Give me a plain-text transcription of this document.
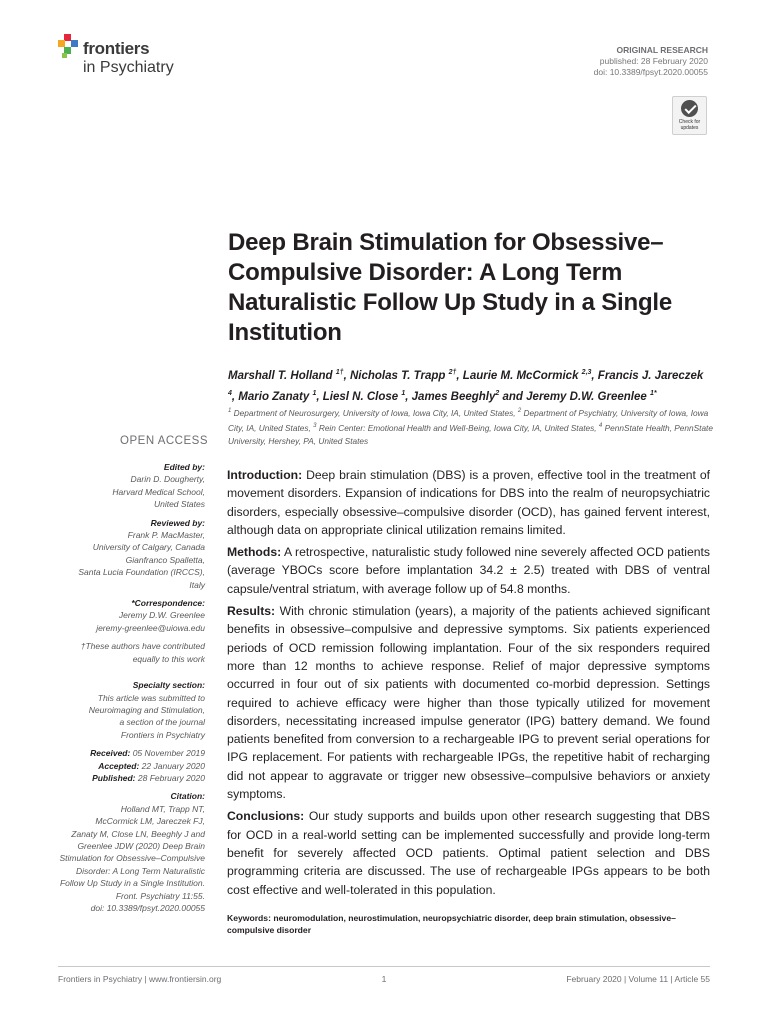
frontiers
in Psychiatry
ORIGINAL RESEARCH
published: 28 February 2020
doi: 10.3389/fpsyt.2020.00055
Check for updates
Deep Brain Stimulation for Obsessive–Compulsive Disorder: A Long Term Naturalistic Follow Up Study in a Single Institution
Marshall T. Holland $^{1\dagger}$, Nicholas T. Trapp $^{2\dagger}$, Laurie M. McCormick $^{2,3}$, Francis J. Jareczek $^4$, Mario Zanaty $^1$, Liesl N. Close $^1$, James Beeghly$^2$ and Jeremy D.W. Greenlee $^{1*}$
$^1$ Department of Neurosurgery, University of Iowa, Iowa City, IA, United States, $^2$ Department of Psychiatry, University of Iowa, Iowa City, IA, United States, $^3$ Rein Center: Emotional Health and Well-Being, Iowa City, IA, United States, $^4$ PennState Health, PennState University, Hershey, PA, United States
OPEN ACCESS
Edited by:
Darin D. Dougherty,
Harvard Medical School,
United States
Reviewed by:
Frank P. MacMaster,
University of Calgary, Canada
Gianfranco Spalletta,
Santa Lucia Foundation (IRCCS),
Italy
*Correspondence:
Jeremy D.W. Greenlee
jeremy-greenlee@uiowa.edu
†These authors have contributed
equally to this work
Specialty section:
This article was submitted to
Neuroimaging and Stimulation,
a section of the journal
Frontiers in Psychiatry
Received: 05 November 2019
Accepted: 22 January 2020
Published: 28 February 2020
Citation:
Holland MT, Trapp NT,
McCormick LM, Jareczek FJ,
Zanaty M, Close LN, Beeghly J and
Greenlee JDW (2020) Deep Brain
Stimulation for Obsessive–Compulsive
Disorder: A Long Term Naturalistic
Follow Up Study in a Single Institution.
Front. Psychiatry 11:55.
doi: 10.3389/fpsyt.2020.00055

Introduction: Deep brain stimulation (DBS) is a proven, effective tool in the treatment of movement disorders. Expansion of indications for DBS into the realm of neuropsychiatric disorders, especially obsessive–compulsive disorder (OCD), has gained fervent interest, although data on appropriate clinical utilization remains limited.

Methods: A retrospective, naturalistic study followed nine severely affected OCD patients (average YBOCs score before implantation 34.2 ± 2.5) treated with DBS of ventral capsule/ventral striatum, with average follow up of 54.8 months.

Results: With chronic stimulation (years), a majority of the patients achieved significant benefits in obsessive–compulsive and depressive symptoms. Six patients experienced periods of OCD remission following implantation. Four of the six responders required more than 12 months to achieve response. Relief of major depressive symptoms occurred in four out of six patients with documented co-morbid depression. Settings required to achieve efficacy were higher than those typically utilized for movement disorders, necessitating increased impulse generator (IPG) battery demand. We found patients benefited from conversion to a rechargeable IPG to prevent serial operations for IPG replacement. For patients with rechargeable IPGs, the repetitive habit of recharging did not appear to aggravate or trigger new obsessive–compulsive behaviors or anxiety symptoms.

Conclusions: Our study supports and builds upon other research suggesting that DBS for OCD in a real-world setting can be implemented successfully and provide long-term benefit for severely affected OCD patients. Optimal patient selection and DBS programming criteria are discussed. The use of rechargeable IPGs appears to be both cost effective and well-tolerated in this population.

Keywords: neuromodulation, neurostimulation, neuropsychiatric disorder, deep brain stimulation, obsessive–compulsive disorder
Frontiers in Psychiatry | www.frontiersin.org	1	February 2020 | Volume 11 | Article 55
